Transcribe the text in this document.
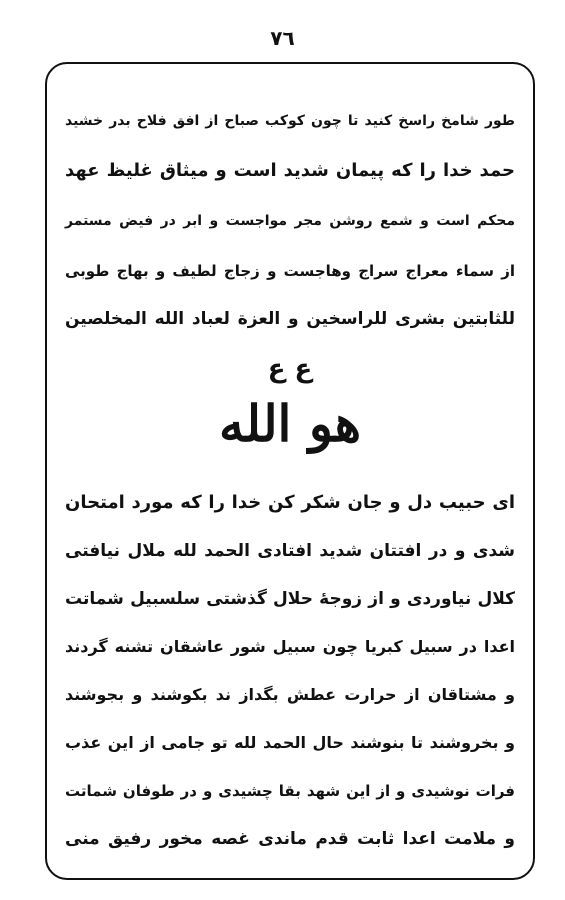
٧٦
طور شامخ راسخ کنید تا چون کوکب صباح از افق فلاح بدر خشید
حمد خدا را که پیمان شدید است و میثاق غلیظ عهد
محکم است و شمع روشن مجر مواجست و ابر در فیض مستمر
از سماء معراج سراج وهاجست و زجاج لطیف و بهاج طوبی
للثابتین بشری للراسخین و العزة لعباد الله المخلصین
ع ع
هو الله
ای حبیب دل و جان شکر کن خدا را که مورد امتحان
شدی و در افتتان شدید افتادی الحمد لله ملال نیافتی
کلال نیاوردی و از زوجهٔ حلال گذشتی سلسبیل شماتت
اعدا در سبیل کبریا چون سبیل شور عاشقان تشنه گردند
و مشتاقان از حرارت عطش بگداز ند بکوشند و بجوشند
و بخروشند تا بنوشند حال الحمد لله تو جامی از این عذب
فرات نوشیدی و از این شهد بقا چشیدی و در طوفان شماتت
و ملامت اعدا ثابت قدم ماندی غصه مخور رفیق منی
